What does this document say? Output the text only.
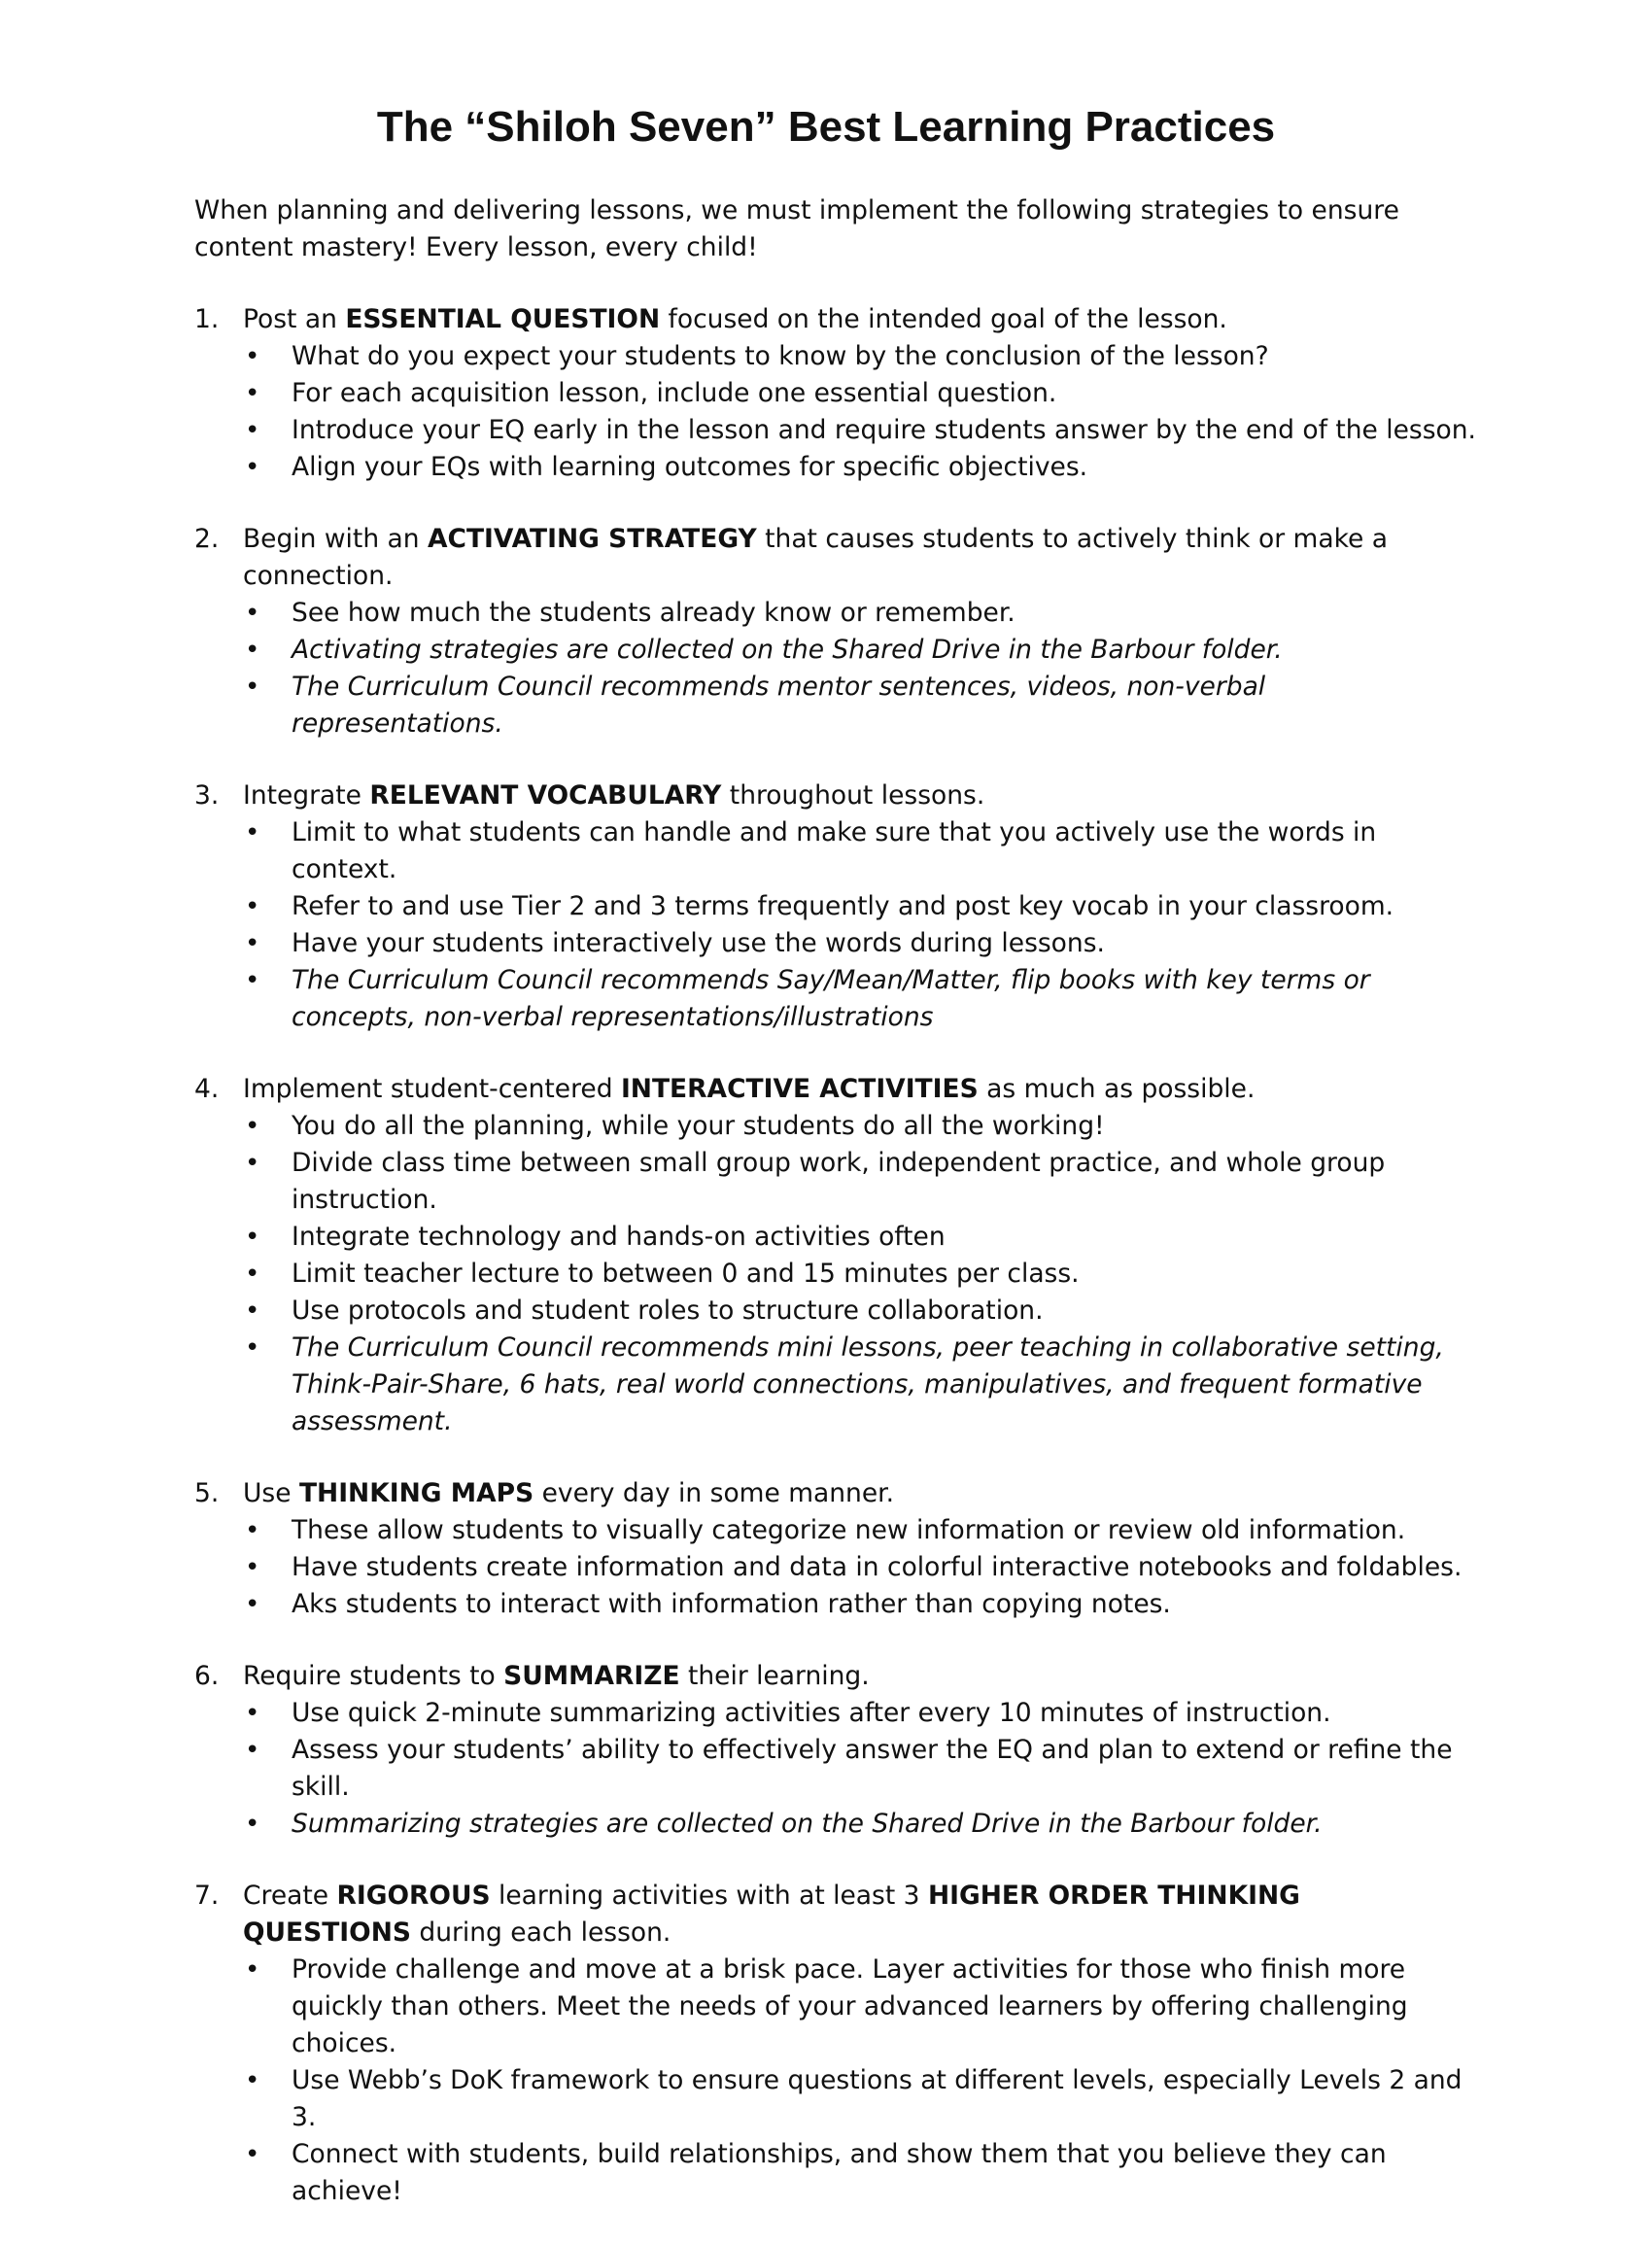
The “Shiloh Seven” Best Learning Practices
When planning and delivering lessons, we must implement the following strategies to ensure content mastery! Every lesson, every child!
1. Post an ESSENTIAL QUESTION focused on the intended goal of the lesson.
• What do you expect your students to know by the conclusion of the lesson?
• For each acquisition lesson, include one essential question.
• Introduce your EQ early in the lesson and require students answer by the end of the lesson.
• Align your EQs with learning outcomes for specific objectives.
2. Begin with an ACTIVATING STRATEGY that causes students to actively think or make a connection.
• See how much the students already know or remember.
• Activating strategies are collected on the Shared Drive in the Barbour folder.
• The Curriculum Council recommends mentor sentences, videos, non-verbal representations.
3. Integrate RELEVANT VOCABULARY throughout lessons.
• Limit to what students can handle and make sure that you actively use the words in context.
• Refer to and use Tier 2 and 3 terms frequently and post key vocab in your classroom.
• Have your students interactively use the words during lessons.
• The Curriculum Council recommends Say/Mean/Matter, flip books with key terms or concepts, non-verbal representations/illustrations
4. Implement student-centered INTERACTIVE ACTIVITIES as much as possible.
• You do all the planning, while your students do all the working!
• Divide class time between small group work, independent practice, and whole group instruction.
• Integrate technology and hands-on activities often
• Limit teacher lecture to between 0 and 15 minutes per class.
• Use protocols and student roles to structure collaboration.
• The Curriculum Council recommends mini lessons, peer teaching in collaborative setting, Think-Pair-Share, 6 hats, real world connections, manipulatives, and frequent formative assessment.
5. Use THINKING MAPS every day in some manner.
• These allow students to visually categorize new information or review old information.
• Have students create information and data in colorful interactive notebooks and foldables.
• Aks students to interact with information rather than copying notes.
6. Require students to SUMMARIZE their learning.
• Use quick 2-minute summarizing activities after every 10 minutes of instruction.
• Assess your students’ ability to effectively answer the EQ and plan to extend or refine the skill.
• Summarizing strategies are collected on the Shared Drive in the Barbour folder.
7. Create RIGOROUS learning activities with at least 3 HIGHER ORDER THINKING QUESTIONS during each lesson.
• Provide challenge and move at a brisk pace. Layer activities for those who finish more quickly than others. Meet the needs of your advanced learners by offering challenging choices.
• Use Webb’s DoK framework to ensure questions at different levels, especially Levels 2 and 3.
• Connect with students, build relationships, and show them that you believe they can achieve!
